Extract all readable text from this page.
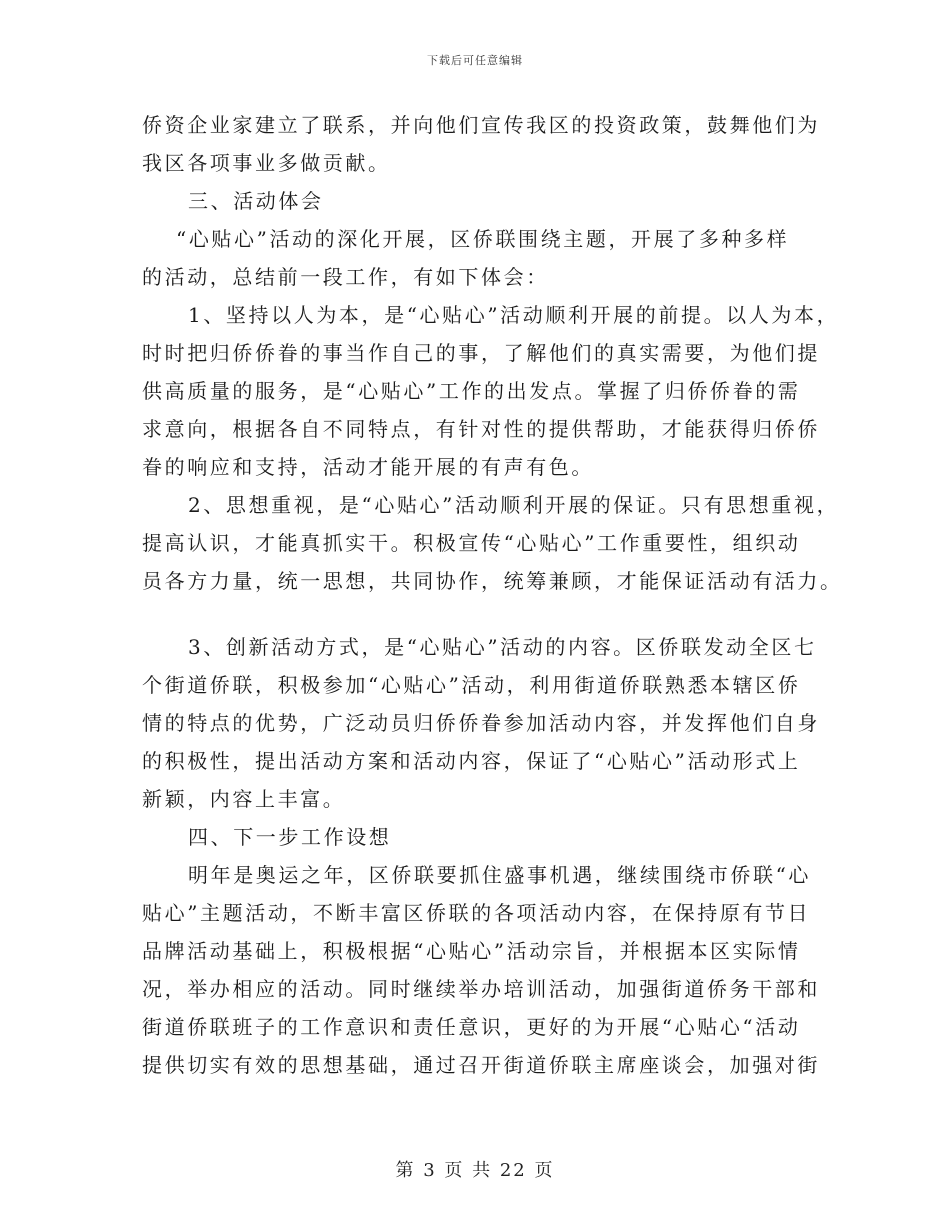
下载后可任意编辑
侨资企业家建立了联系，并向他们宣传我区的投资政策，鼓舞他们为
我区各项事业多做贡献。
三、活动体会
“心贴心”活动的深化开展，区侨联围绕主题，开展了多种多样
的活动，总结前一段工作，有如下体会：
1、坚持以人为本，是“心贴心”活动顺利开展的前提。以人为本，
时时把归侨侨眷的事当作自己的事，了解他们的真实需要，为他们提
供高质量的服务，是“心贴心”工作的出发点。掌握了归侨侨眷的需
求意向，根据各自不同特点，有针对性的提供帮助，才能获得归侨侨
眷的响应和支持，活动才能开展的有声有色。
2、思想重视，是“心贴心”活动顺利开展的保证。只有思想重视，
提高认识，才能真抓实干。积极宣传“心贴心”工作重要性，组织动
员各方力量，统一思想，共同协作，统筹兼顾，才能保证活动有活力。
3、创新活动方式，是“心贴心”活动的内容。区侨联发动全区七
个街道侨联，积极参加“心贴心”活动，利用街道侨联熟悉本辖区侨
情的特点的优势，广泛动员归侨侨眷参加活动内容，并发挥他们自身
的积极性，提出活动方案和活动内容，保证了“心贴心”活动形式上
新颖，内容上丰富。
四、下一步工作设想
明年是奥运之年，区侨联要抓住盛事机遇，继续围绕市侨联“心
贴心”主题活动，不断丰富区侨联的各项活动内容，在保持原有节日
品牌活动基础上，积极根据“心贴心”活动宗旨，并根据本区实际情
况，举办相应的活动。同时继续举办培训活动，加强街道侨务干部和
街道侨联班子的工作意识和责任意识，更好的为开展“心贴心“活动
提供切实有效的思想基础，通过召开街道侨联主席座谈会，加强对街
第 3 页 共 22 页
